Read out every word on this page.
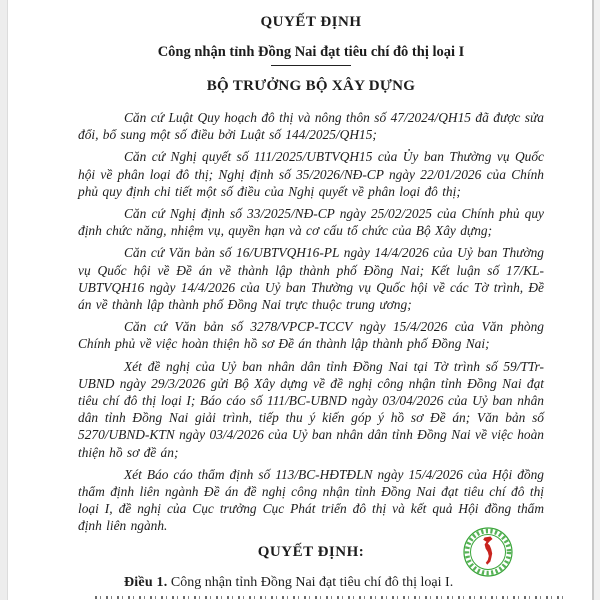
QUYẾT ĐỊNH
Công nhận tỉnh Đồng Nai đạt tiêu chí đô thị loại I
BỘ TRƯỞNG BỘ XÂY DỰNG

Căn cứ Luật Quy hoạch đô thị và nông thôn số 47/2024/QH15 đã được sửa đổi, bổ sung một số điều bởi Luật số 144/2025/QH15;

Căn cứ Nghị quyết số 111/2025/UBTVQH15 của Ủy ban Thường vụ Quốc hội về phân loại đô thị; Nghị định số 35/2026/NĐ-CP ngày 22/01/2026 của Chính phủ quy định chi tiết một số điều của Nghị quyết về phân loại đô thị;

Căn cứ Nghị định số 33/2025/NĐ-CP ngày 25/02/2025 của Chính phủ quy định chức năng, nhiệm vụ, quyền hạn và cơ cấu tổ chức của Bộ Xây dựng;

Căn cứ Văn bản số 16/UBTVQH16-PL ngày 14/4/2026 của Uỷ ban Thường vụ Quốc hội về Đề án về thành lập thành phố Đồng Nai; Kết luận số 17/KL-UBTVQH16 ngày 14/4/2026 của Uỷ ban Thường vụ Quốc hội về các Tờ trình, Đề án về thành lập thành phố Đồng Nai trực thuộc trung ương;

Căn cứ Văn bản số 3278/VPCP-TCCV ngày 15/4/2026 của Văn phòng Chính phủ về việc hoàn thiện hồ sơ Đề án thành lập thành phố Đồng Nai;

Xét đề nghị của Uỷ ban nhân dân tỉnh Đồng Nai tại Tờ trình số 59/TTr-UBND ngày 29/3/2026 gửi Bộ Xây dựng về đề nghị công nhận tỉnh Đồng Nai đạt tiêu chí đô thị loại I; Báo cáo số 111/BC-UBND ngày 03/04/2026 của Uỷ ban nhân dân tỉnh Đồng Nai giải trình, tiếp thu ý kiến góp ý hồ sơ Đề án; Văn bản số 5270/UBND-KTN ngày 03/4/2026 của Uỷ ban nhân dân tỉnh Đồng Nai về việc hoàn thiện hồ sơ đề án;

Xét Báo cáo thẩm định số 113/BC-HĐTĐLN ngày 15/4/2026 của Hội đồng thẩm định liên ngành Đề án đề nghị công nhận tỉnh Đồng Nai đạt tiêu chí đô thị loại I, đề nghị của Cục trưởng Cục Phát triển đô thị và kết quả Hội đồng thẩm định liên ngành.

QUYẾT ĐỊNH:

Điều 1. Công nhận tỉnh Đồng Nai đạt tiêu chí đô thị loại I.
